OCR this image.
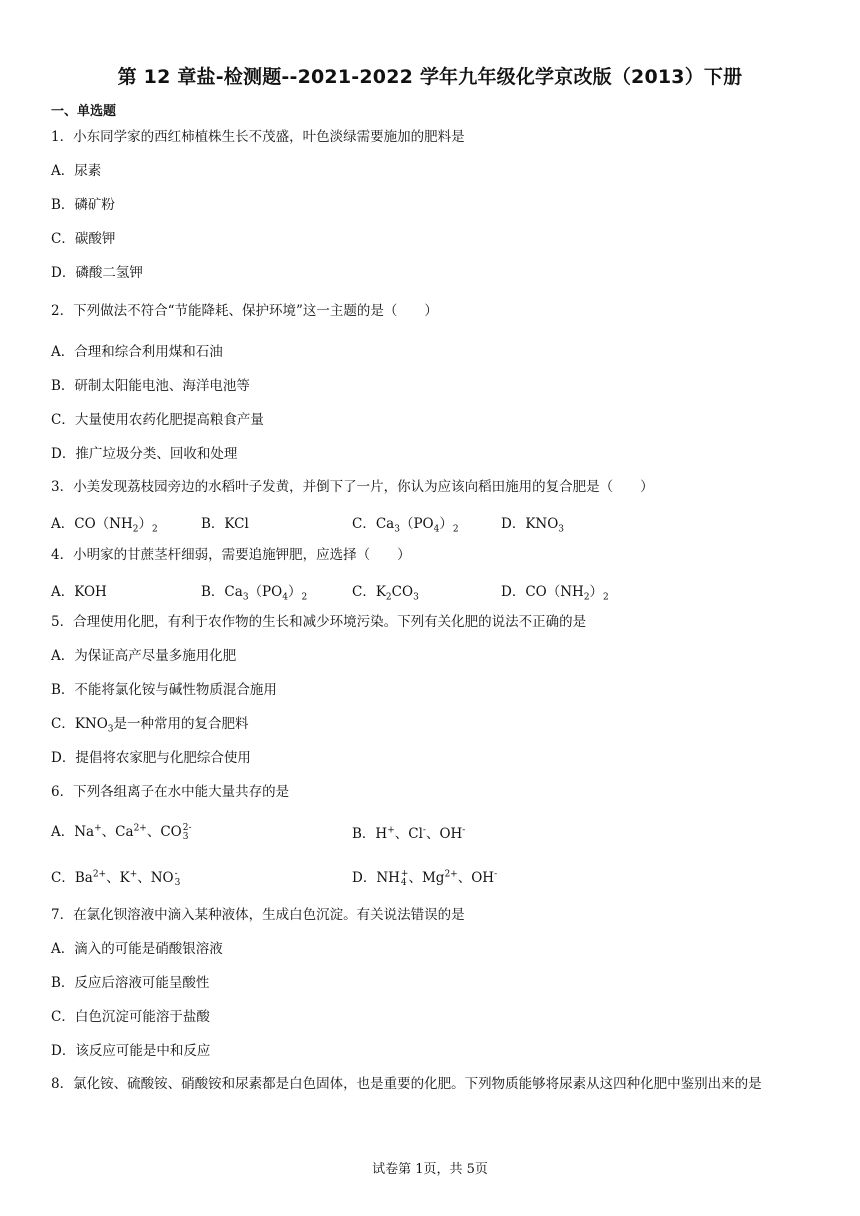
第 12 章盐-检测题--2021-2022 学年九年级化学京改版（2013）下册
一、单选题
1．小东同学家的西红柿植株生长不茂盛，叶色淡绿需要施加的肥料是
A．尿素
B．磷矿粉
C．碳酸钾
D．磷酸二氢钾
2．下列做法不符合“节能降耗、保护环境”这一主题的是（　　）
A．合理和综合利用煤和石油
B．研制太阳能电池、海洋电池等
C．大量使用农药化肥提高粮食产量
D．推广垃圾分类、回收和处理
3．小美发现荔枝园旁边的水稻叶子发黄，并倒下了一片，你认为应该向稻田施用的复合肥是（　　）
A．$CO(NH_2)_2$	B．KCl	C．$Ca_3(PO_4)_2$	D．$KNO_3$
4．小明家的甘蔗茎杆细弱，需要追施钾肥，应选择（　　）
A．KOH	B．$Ca_3(PO_4)_2$	C．$K_2CO_3$	D．$CO(NH_2)_2$
5．合理使用化肥，有利于农作物的生长和减少环境污染。下列有关化肥的说法不正确的是
A．为保证高产尽量多施用化肥
B．不能将氯化铵与碱性物质混合施用
C．$KNO_3$是一种常用的复合肥料
D．提倡将农家肥与化肥综合使用
6．下列各组离子在水中能大量共存的是
A．Na+、$Ca^{2+}$、CO 2-
3	B．H+、Cl-、OH-
C．$Ba^{2+}$、K+、NO -
3	D．NH +
4 、$Mg^{2+}$、OH-
7．在氯化钡溶液中滴入某种液体，生成白色沉淀。有关说法错误的是
A．滴入的可能是硝酸银溶液
B．反应后溶液可能呈酸性
C．白色沉淀可能溶于盐酸
D．该反应可能是中和反应
8．氯化铵、硫酸铵、硝酸铵和尿素都是白色固体，也是重要的化肥。下列物质能够将尿素从这四种化肥中鉴别出来的是
试卷第 1页，共 5页
